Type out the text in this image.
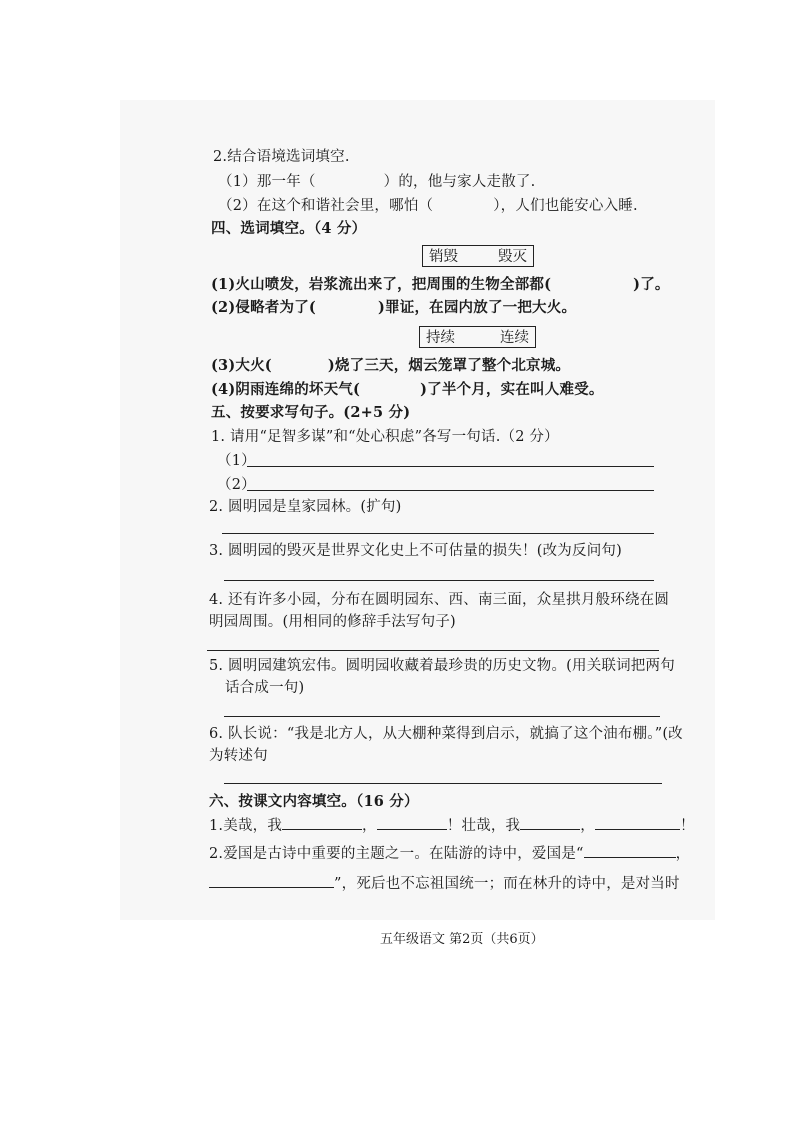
2.结合语境选词填空.
（1）那一年（	）的，他与家人走散了.
（2）在这个和谐社会里，哪怕（	），人们也能安心入睡.
四、选词填空。（4 分）
销毁	毁灭
(1)火山喷发，岩浆流出来了，把周围的生物全部都(	)了。
(2)侵略者为了(	)罪证，在园内放了一把大火。
持续	连续
(3)大火(	)烧了三天，烟云笼罩了整个北京城。
(4)阴雨连绵的坏天气(	)了半个月，实在叫人难受。
五、按要求写句子。(2+5 分)
1. 请用“足智多谋”和“处心积虑”各写一句话.（2 分）
（1）
（2）
2. 圆明园是皇家园林。(扩句)
3. 圆明园的毁灭是世界文化史上不可估量的损失！(改为反问句)
4. 还有许多小园，分布在圆明园东、西、南三面，众星拱月般环绕在圆
明园周围。(用相同的修辞手法写句子)
5. 圆明园建筑宏伟。圆明园收藏着最珍贵的历史文物。(用关联词把两句
话合成一句)
6. 队长说：“我是北方人，从大棚种菜得到启示，就搞了这个油布棚。”(改
为转述句
六、按课文内容填空。（16 分）
1.美哉，我	，	！壮哉，我	，	！
2.爱国是古诗中重要的主题之一。在陆游的诗中，爱国是“	，
”，死后也不忘祖国统一；而在林升的诗中，是对当时
五年级语文 第2页（共6页）
